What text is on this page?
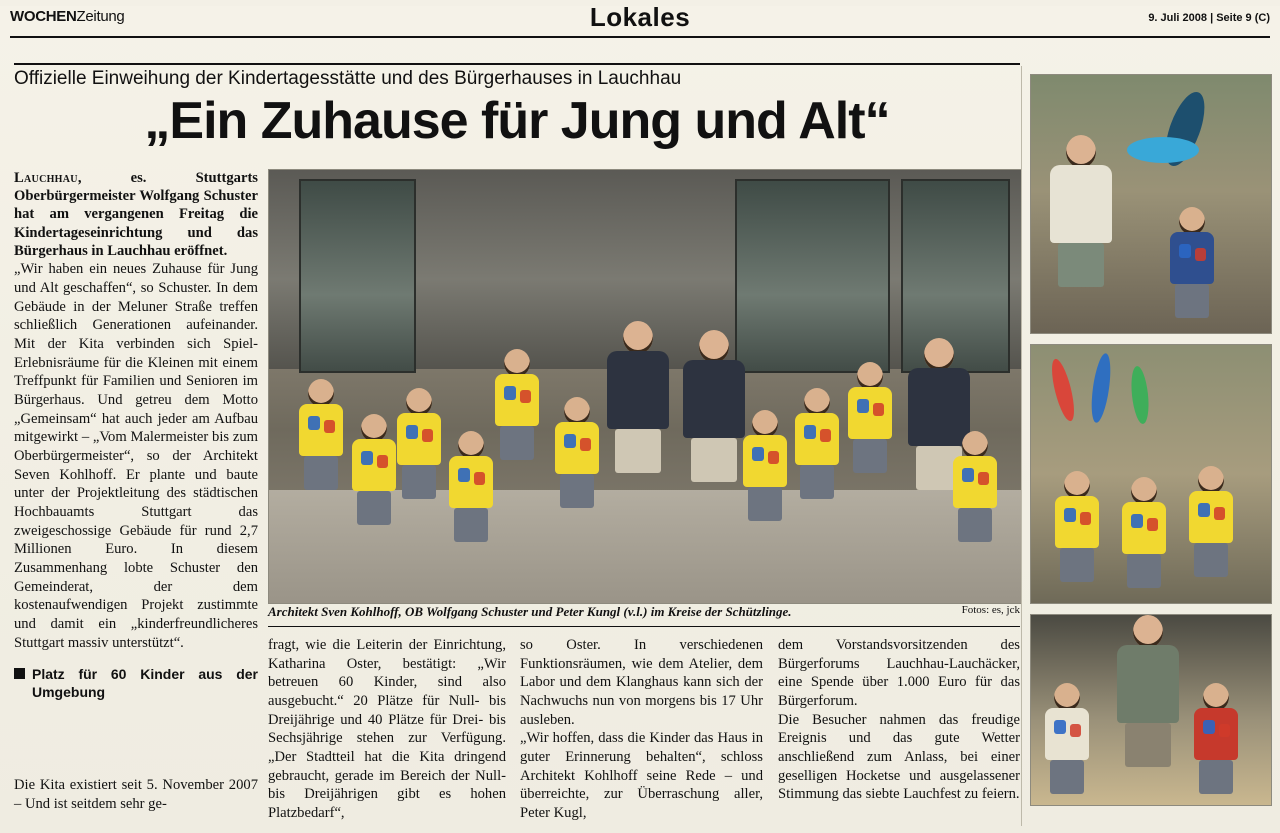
WOCHENZeitung	Lokales	9. Juli 2008 | Seite 9 (C)
Offizielle Einweihung der Kindertagesstätte und des Bürgerhauses in Lauchhau
„Ein Zuhause für Jung und Alt“

Lauchhau, es. Stuttgarts Oberbürgermeister Wolfgang Schuster hat am vergangenen Freitag die Kindertageseinrichtung und das Bürgerhaus in Lauchhau eröffnet.

„Wir haben ein neues Zuhause für Jung und Alt geschaffen“, so Schuster. In dem Gebäude in der Meluner Straße treffen schließlich Generationen aufeinander. Mit der Kita verbinden sich Spiel- Erlebnisräume für die Kleinen mit einem Treffpunkt für Familien und Senioren im Bürgerhaus. Und getreu dem Motto „Gemeinsam“ hat auch jeder am Aufbau mitgewirkt – „Vom Malermeister bis zum Oberbürgermeister“, so der Architekt Seven Kohlhoff. Er plante und baute unter der Projektleitung des städtischen Hochbauamts Stuttgart das zweigeschossige Gebäude für rund 2,7 Millionen Euro. In diesem Zusammenhang lobte Schuster den Gemeinderat, der dem kostenaufwendigen Projekt zustimmte und damit ein „kinderfreundlicheres Stuttgart massiv unterstützt“.

Platz für 60 Kinder aus der Umgebung

Die Kita existiert seit 5. November 2007 – Und ist seitdem sehr ge-

Architekt Sven Kohlhoff, OB Wolfgang Schuster und Peter Kungl (v.l.) im Kreise der Schützlinge.	Fotos: es, jck

fragt, wie die Leiterin der Einrichtung, Katharina Oster, bestätigt: „Wir betreuen 60 Kinder, sind also ausgebucht.“ 20 Plätze für Null- bis Dreijährige und 40 Plätze für Drei- bis Sechsjährige stehen zur Verfügung. „Der Stadtteil hat die Kita dringend gebraucht, gerade im Bereich der Null- bis Dreijährigen gibt es hohen Platzbedarf“,

so Oster. In verschiedenen Funktionsräumen, wie dem Atelier, dem Labor und dem Klanghaus kann sich der Nachwuchs nun von morgens bis 17 Uhr ausleben.

„Wir hoffen, dass die Kinder das Haus in guter Erinnerung behalten“, schloss Architekt Kohlhoff seine Rede – und überreichte, zur Überraschung aller, Peter Kugl,

dem Vorstandsvorsitzenden des Bürgerforums Lauchhau-Lauchäcker, eine Spende über 1.000 Euro für das Bürgerforum.

Die Besucher nahmen das freudige Ereignis und das gute Wetter anschließend zum Anlass, bei einer geselligen Hocketse und ausgelassener Stimmung das siebte Lauchfest zu feiern.
